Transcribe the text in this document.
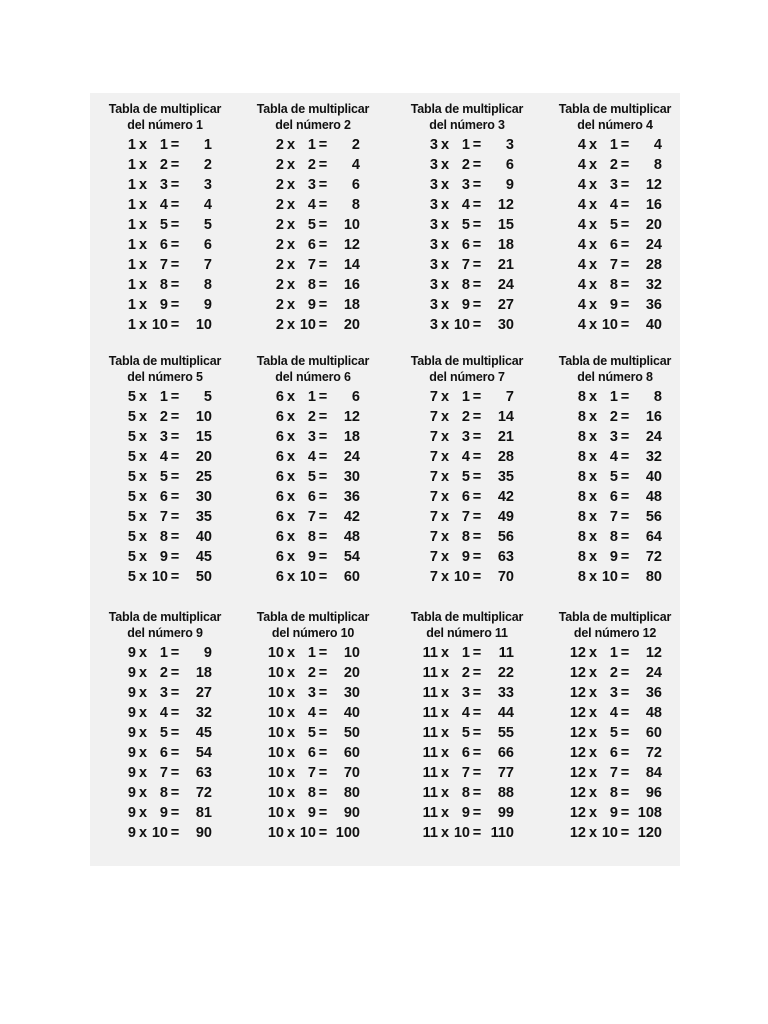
Tabla de multiplicar
del número 1
1 x 1 =	1
1 x 2 =	2
1 x 3 =	3
1 x 4 =	4
1 x 5 =	5
1 x 6 =	6
1 x 7 =	7
1 x 8 =	8
1 x 9 =	9
1 x 10 =	10
Tabla de multiplicar
del número 2
2 x 1 =	2
2 x 2 =	4
2 x 3 =	6
2 x 4 =	8
2 x 5 =	10
2 x 6 =	12
2 x 7 =	14
2 x 8 =	16
2 x 9 =	18
2 x 10 =	20
Tabla de multiplicar
del número 3
3 x 1 =	3
3 x 2 =	6
3 x 3 =	9
3 x 4 =	12
3 x 5 =	15
3 x 6 =	18
3 x 7 =	21
3 x 8 =	24
3 x 9 =	27
3 x 10 =	30
Tabla de multiplicar
del número 4
4 x 1 =	4
4 x 2 =	8
4 x 3 =	12
4 x 4 =	16
4 x 5 =	20
4 x 6 =	24
4 x 7 =	28
4 x 8 =	32
4 x 9 =	36
4 x 10 =	40
Tabla de multiplicar
del número 5
5 x 1 =	5
5 x 2 =	10
5 x 3 =	15
5 x 4 =	20
5 x 5 =	25
5 x 6 =	30
5 x 7 =	35
5 x 8 =	40
5 x 9 =	45
5 x 10 =	50
Tabla de multiplicar
del número 6
6 x 1 =	6
6 x 2 =	12
6 x 3 =	18
6 x 4 =	24
6 x 5 =	30
6 x 6 =	36
6 x 7 =	42
6 x 8 =	48
6 x 9 =	54
6 x 10 =	60
Tabla de multiplicar
del número 7
7 x 1 =	7
7 x 2 =	14
7 x 3 =	21
7 x 4 =	28
7 x 5 =	35
7 x 6 =	42
7 x 7 =	49
7 x 8 =	56
7 x 9 =	63
7 x 10 =	70
Tabla de multiplicar
del número 8
8 x 1 =	8
8 x 2 =	16
8 x 3 =	24
8 x 4 =	32
8 x 5 =	40
8 x 6 =	48
8 x 7 =	56
8 x 8 =	64
8 x 9 =	72
8 x 10 =	80
Tabla de multiplicar
del número 9
9 x 1 =	9
9 x 2 =	18
9 x 3 =	27
9 x 4 =	32
9 x 5 =	45
9 x 6 =	54
9 x 7 =	63
9 x 8 =	72
9 x 9 =	81
9 x 10 =	90
Tabla de multiplicar
del número 10
10 x 1 =	10
10 x 2 =	20
10 x 3 =	30
10 x 4 =	40
10 x 5 =	50
10 x 6 =	60
10 x 7 =	70
10 x 8 =	80
10 x 9 =	90
10 x 10 = 100
Tabla de multiplicar
del número 11
11 x 1 =	11
11 x 2 =	22
11 x 3 =	33
11 x 4 =	44
11 x 5 =	55
11 x 6 =	66
11 x 7 =	77
11 x 8 =	88
11 x 9 =	99
11 x 10 = 110
Tabla de multiplicar
del número 12
12 x 1 =	12
12 x 2 =	24
12 x 3 =	36
12 x 4 =	48
12 x 5 =	60
12 x 6 =	72
12 x 7 =	84
12 x 8 =	96
12 x 9 = 108
12 x 10 = 120
